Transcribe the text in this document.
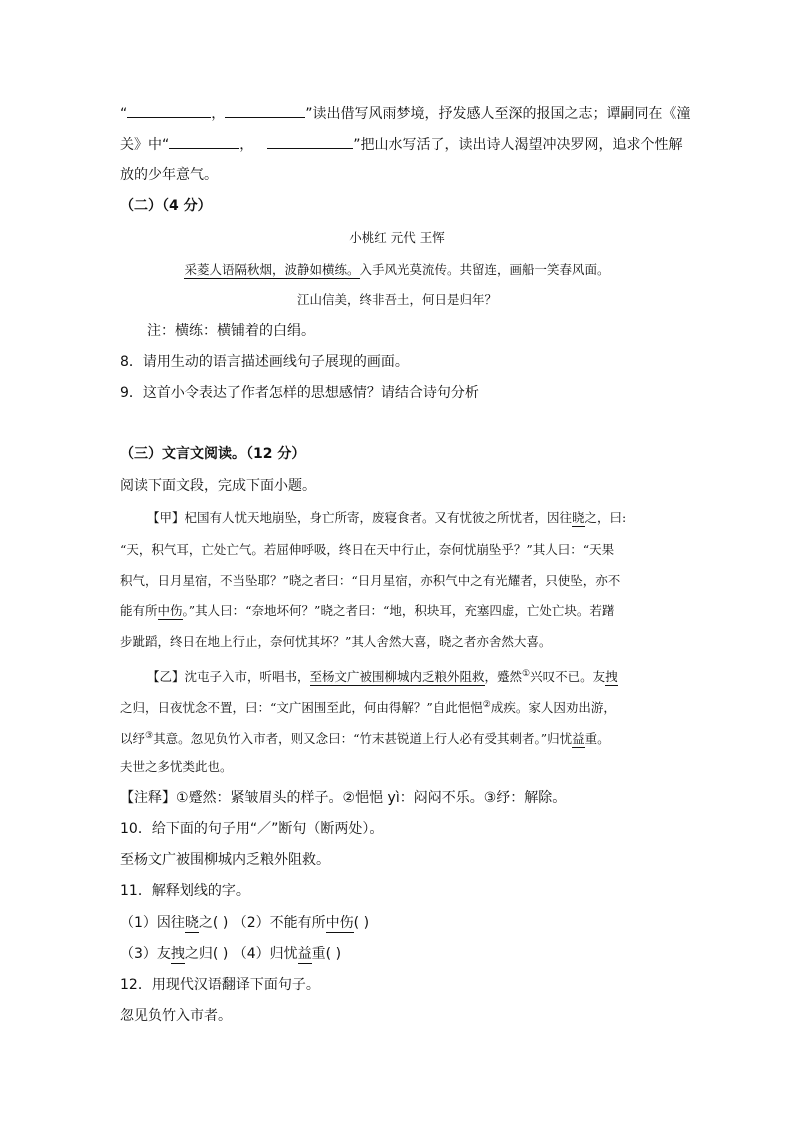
“	，	”读出借写风雨梦境，抒发感人至深的报国之志；谭嗣同在《潼
关》中“	，	”把山水写活了，读出诗人渴望冲决罗网，追求个性解
放的少年意气。
（二）（4 分）
小桃红 元代 王恽
采菱人语隔秋烟，波静如横练。入手风光莫流传。共留连，画船一笑春风面。
江山信美，终非吾土，何日是归年？
注：横练：横铺着的白绢。
8．请用生动的语言描述画线句子展现的画面。
9．这首小令表达了作者怎样的思想感情？请结合诗句分析
（三）文言文阅读。（12 分）
阅读下面文段，完成下面小题。
【甲】杞国有人忧天地崩坠，身亡所寄，废寝食者。又有忧彼之所忧者，因往晓之，曰:
“天，积气耳，亡处亡气。若屈伸呼吸，终日在天中行止，奈何忧崩坠乎？”其人曰：“天果
积气，日月星宿，不当坠耶？”晓之者曰：“日月星宿，亦积气中之有光耀者，只使坠，亦不
能有所中伤。”其人曰：“奈地坏何？”晓之者曰：“地，积块耳，充塞四虚，亡处亡块。若躇
步跐蹈，终日在地上行止，奈何忧其坏？”其人舍然大喜，晓之者亦舍然大喜。
【乙】沈屯子入市，听唱书，至杨文广被围柳城内乏粮外阻救，蹙然①兴叹不已。友拽
之归，日夜忧念不置，曰：“文广困围至此，何由得解？”自此悒悒②成疾。家人因劝出游，
以纾③其意。忽见负竹入市者，则又念曰：“竹末甚锐道上行人必有受其刺者。”归忧益重。
夫世之多忧类此也。
【注释】①蹙然：紧皱眉头的样子。②悒悒 yì：闷闷不乐。③纾：解除。
10．给下面的句子用“／”断句（断两处）。
至杨文广被围柳城内乏粮外阻救。
11．解释划线的字。
（1）因往晓之( ) （2）不能有所中伤( )
（3）友拽之归( ) （4）归忧益重( )
12．用现代汉语翻译下面句子。
忽见负竹入市者。
